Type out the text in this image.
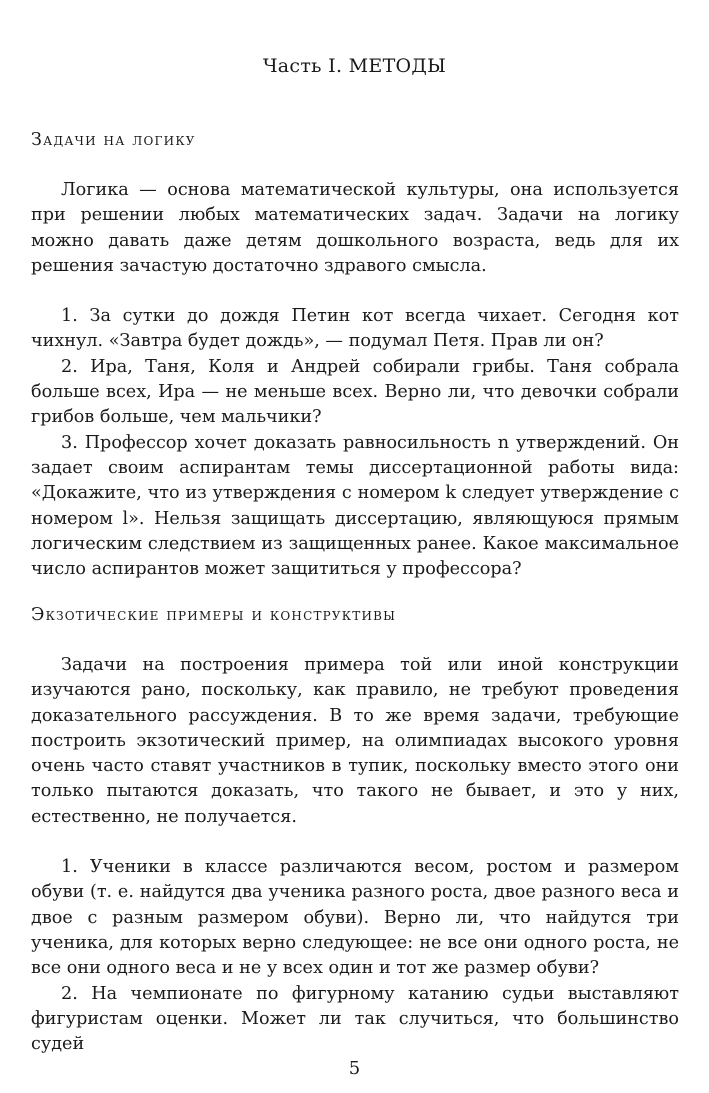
Часть I. МЕТОДЫ
Задачи на логику

Логика — основа математической культуры, она используется при решении любых математических задач. Задачи на логику можно давать даже детям дошкольного возраста, ведь для их решения зачастую достаточно здравого смысла.

1. За сутки до дождя Петин кот всегда чихает. Сегодня кот чихнул. «Завтра будет дождь», — подумал Петя. Прав ли он?

2. Ира, Таня, Коля и Андрей собирали грибы. Таня собрала больше всех, Ира — не меньше всех. Верно ли, что девочки собрали грибов больше, чем мальчики?

3. Профессор хочет доказать равносильность n утверждений. Он задает своим аспирантам темы диссертационной работы вида: «Докажите, что из утверждения с номером k следует утверждение с номером l». Нельзя защищать диссертацию, являющуюся прямым логическим следствием из защищенных ранее. Какое максимальное число аспирантов может защититься у профессора?

Экзотические примеры и конструктивы

Задачи на построения примера той или иной конструкции изучаются рано, поскольку, как правило, не требуют проведения доказательного рассуждения. В то же время задачи, требующие построить экзотический пример, на олимпиадах высокого уровня очень часто ставят участников в тупик, поскольку вместо этого они только пытаются доказать, что такого не бывает, и это у них, естественно, не получается.

1. Ученики в классе различаются весом, ростом и размером обуви (т. е. найдутся два ученика разного роста, двое разного веса и двое с разным размером обуви). Верно ли, что найдутся три ученика, для которых верно следующее: не все они одного роста, не все они одного веса и не у всех один и тот же размер обуви?

2. На чемпионате по фигурному катанию судьи выставляют фигуристам оценки. Может ли так случиться, что большинство судей

5
